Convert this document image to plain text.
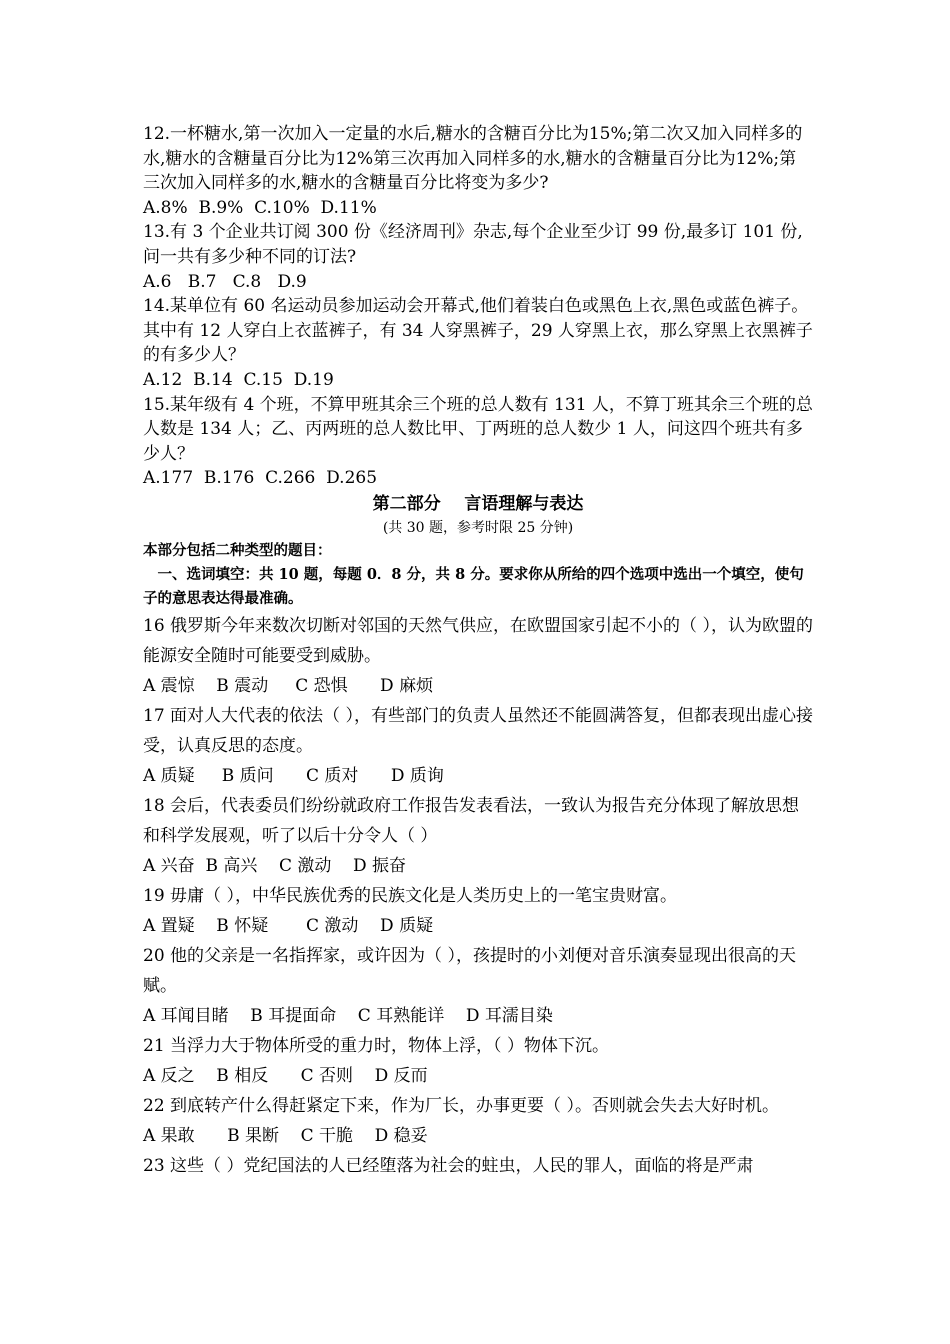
12.一杯糖水,第一次加入一定量的水后,糖水的含糖百分比为15%;第二次又加入同样多的水,糖水的含糖量百分比为12%第三次再加入同样多的水,糖水的含糖量百分比为12%;第三次加入同样多的水,糖水的含糖量百分比将变为多少?

A.8%  B.9%  C.10%  D.11%

13.有 3 个企业共订阅 300 份《经济周刊》杂志,每个企业至少订 99 份,最多订 101 份,问一共有多少种不同的订法?

A.6   B.7   C.8   D.9

14.某单位有 60 名运动员参加运动会开幕式,他们着装白色或黑色上衣,黑色或蓝色裤子。其中有 12 人穿白上衣蓝裤子，有 34 人穿黑裤子，29 人穿黑上衣，那么穿黑上衣黑裤子的有多少人？

A.12  B.14  C.15  D.19

15.某年级有 4 个班，不算甲班其余三个班的总人数有 131 人，不算丁班其余三个班的总人数是 134 人；乙、丙两班的总人数比甲、丁两班的总人数少 1 人，问这四个班共有多少人？

A.177  B.176  C.266  D.265

第二部分    言语理解与表达

(共 30 题，参考时限 25 分钟)

本部分包括二种类型的题目：

一、选词填空：共 10 题，每题 0．8 分，共 8 分。要求你从所给的四个选项中选出一个填空，使句子的意思表达得最准确。

16 俄罗斯今年来数次切断对邻国的天然气供应，在欧盟国家引起不小的（ ），认为欧盟的能源安全随时可能要受到威胁。

A 震惊    B 震动     C 恐惧      D 麻烦

17 面对人大代表的依法（ ），有些部门的负责人虽然还不能圆满答复，但都表现出虚心接受，认真反思的态度。

A 质疑     B 质问      C 质对      D 质询

18 会后，代表委员们纷纷就政府工作报告发表看法，一致认为报告充分体现了解放思想和科学发展观，听了以后十分令人（ ）

A 兴奋  B 高兴    C 激动    D 振奋

19 毋庸（ ），中华民族优秀的民族文化是人类历史上的一笔宝贵财富。

A 置疑    B 怀疑       C 激动    D 质疑

20 他的父亲是一名指挥家，或许因为（ ），孩提时的小刘便对音乐演奏显现出很高的天赋。

A 耳闻目睹    B 耳提面命    C 耳熟能详    D 耳濡目染

21 当浮力大于物体所受的重力时，物体上浮，（ ）物体下沉。

A 反之    B 相反      C 否则    D 反而

22 到底转产什么得赶紧定下来，作为厂长，办事更要（ ）。否则就会失去大好时机。

A 果敢      B 果断    C 干脆    D 稳妥

23 这些（ ）党纪国法的人已经堕落为社会的蛀虫，人民的罪人，面临的将是严肃
